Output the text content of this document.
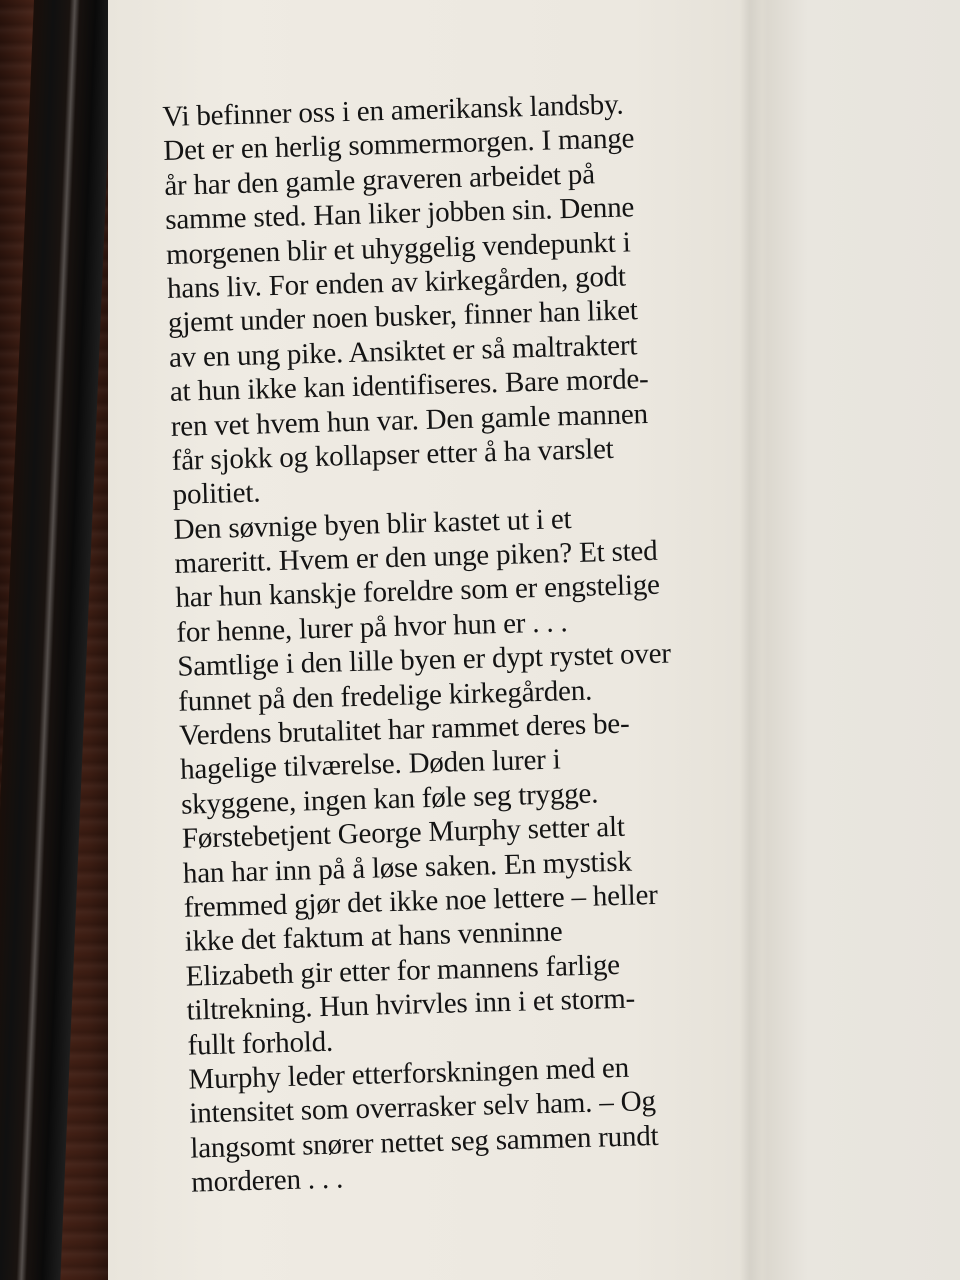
Vi befinner oss i en amerikansk landsby.
Det er en herlig sommermorgen. I mange
år har den gamle graveren arbeidet på
samme sted. Han liker jobben sin. Denne
morgenen blir et uhyggelig vendepunkt i
hans liv. For enden av kirkegården, godt
gjemt under noen busker, finner han liket
av en ung pike. Ansiktet er så maltraktert
at hun ikke kan identifiseres. Bare morde-
ren vet hvem hun var. Den gamle mannen
får sjokk og kollapser etter å ha varslet
politiet.
Den søvnige byen blir kastet ut i et
mareritt. Hvem er den unge piken? Et sted
har hun kanskje foreldre som er engstelige
for henne, lurer på hvor hun er . . .
Samtlige i den lille byen er dypt rystet over
funnet på den fredelige kirkegården.
Verdens brutalitet har rammet deres be-
hagelige tilværelse. Døden lurer i
skyggene, ingen kan føle seg trygge.
Førstebetjent George Murphy setter alt
han har inn på å løse saken. En mystisk
fremmed gjør det ikke noe lettere – heller
ikke det faktum at hans venninne
Elizabeth gir etter for mannens farlige
tiltrekning. Hun hvirvles inn i et storm-
fullt forhold.
Murphy leder etterforskningen med en
intensitet som overrasker selv ham. – Og
langsomt snører nettet seg sammen rundt
morderen . . .
